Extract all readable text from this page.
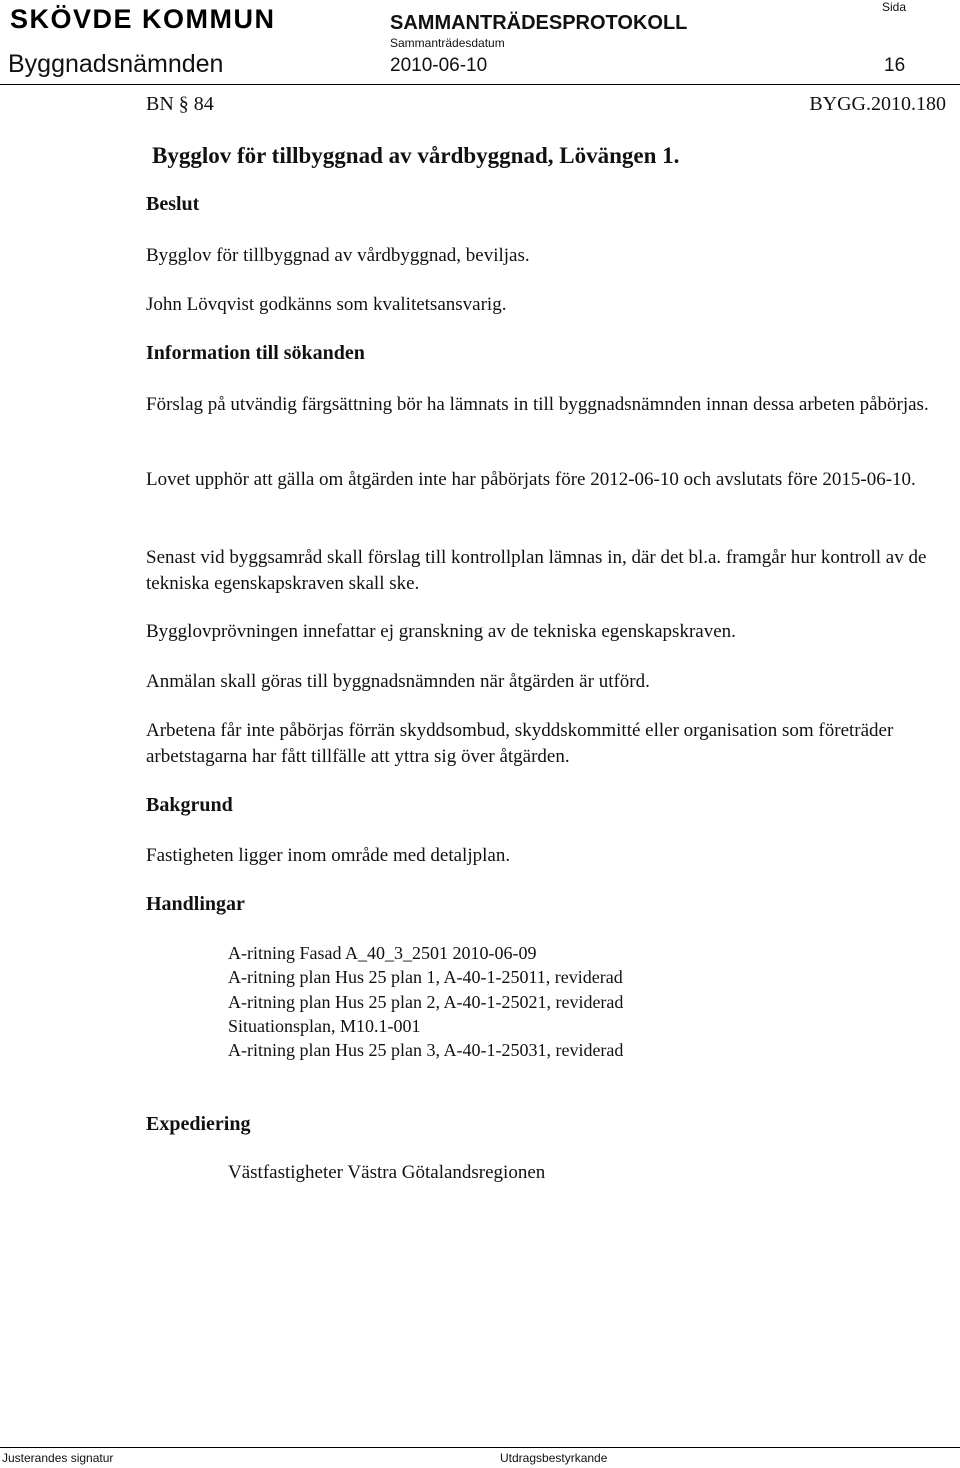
SKÖVDE KOMMUN	SAMMANTRÄDESPROTOKOLL
Sida
Sammanträdesdatum
Byggnadsnämnden	2010-06-10	16
BN § 84	BYGG.2010.180
Bygglov för tillbyggnad av vårdbyggnad, Lövängen 1.
Beslut
Bygglov för tillbyggnad av vårdbyggnad, beviljas.
John Lövqvist godkänns som kvalitetsansvarig.
Information till sökanden
Förslag på utvändig färgsättning bör ha lämnats in till byggnadsnämnden innan dessa arbeten påbörjas.
Lovet upphör att gälla om åtgärden inte har påbörjats före 2012-06-10 och avslutats före 2015-06-10.
Senast vid byggsamråd skall förslag till kontrollplan lämnas in, där det bl.a. framgår hur kontroll av de tekniska egenskapskraven skall ske.
Bygglovprövningen innefattar ej granskning av de tekniska egenskapskraven.
Anmälan skall göras till byggnadsnämnden när åtgärden är utförd.
Arbetena får inte påbörjas förrän skyddsombud, skyddskommitté eller organisation som företräder arbetstagarna har fått tillfälle att yttra sig över åtgärden.
Bakgrund
Fastigheten ligger inom område med detaljplan.
Handlingar
A-ritning Fasad A_40_3_2501 2010-06-09
A-ritning plan Hus 25 plan 1, A-40-1-25011, reviderad
A-ritning plan Hus 25 plan 2, A-40-1-25021, reviderad
Situationsplan, M10.1-001
A-ritning plan Hus 25 plan 3, A-40-1-25031, reviderad
Expediering
Västfastigheter Västra Götalandsregionen
Justerandes signatur	Utdragsbestyrkande
